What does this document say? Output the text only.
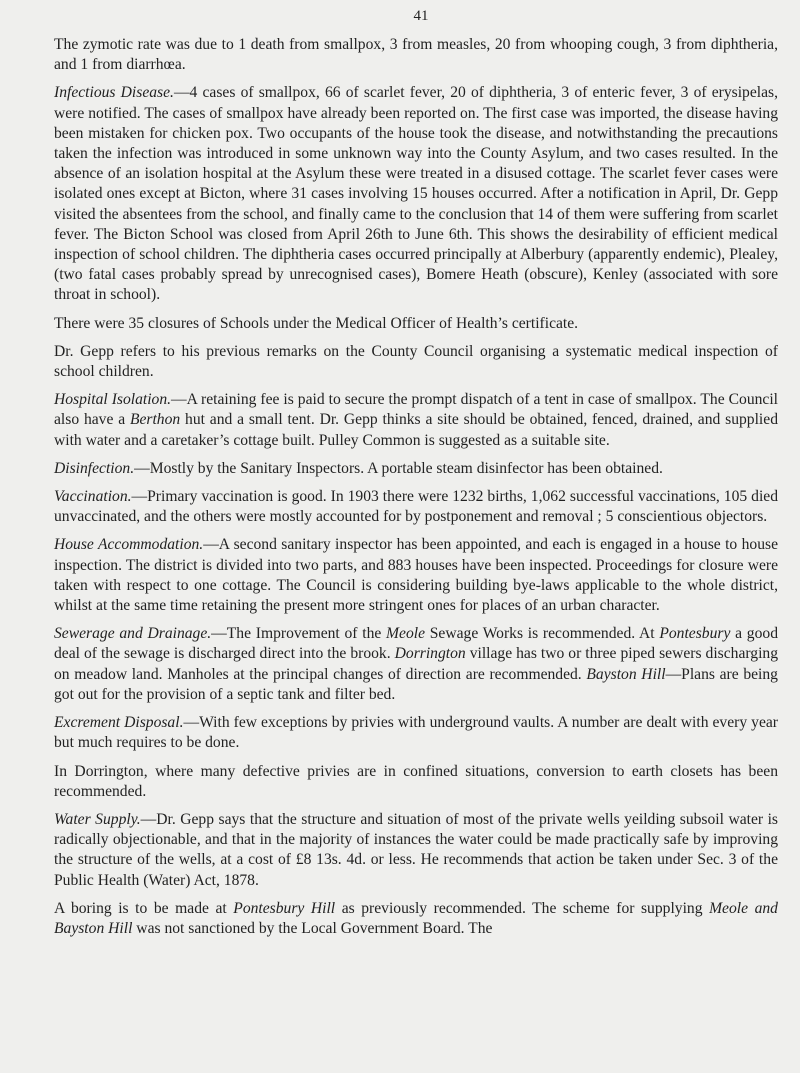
41

The zymotic rate was due to 1 death from smallpox, 3 from measles, 20 from whooping cough, 3 from diphtheria, and 1 from diarrhœa.

Infectious Disease.—4 cases of smallpox, 66 of scarlet fever, 20 of diphtheria, 3 of enteric fever, 3 of erysipelas, were notified. The cases of smallpox have already been reported on. The first case was imported, the disease having been mistaken for chicken pox. Two occupants of the house took the disease, and notwithstanding the precautions taken the infection was introduced in some unknown way into the County Asylum, and two cases resulted. In the absence of an isolation hospital at the Asylum these were treated in a disused cottage. The scarlet fever cases were isolated ones except at Bicton, where 31 cases involving 15 houses occurred. After a notification in April, Dr. Gepp visited the absentees from the school, and finally came to the conclusion that 14 of them were suffering from scarlet fever. The Bicton School was closed from April 26th to June 6th. This shows the desirability of efficient medical inspection of school children. The diphtheria cases occurred principally at Alberbury (apparently endemic), Plealey, (two fatal cases probably spread by unrecognised cases), Bomere Heath (obscure), Kenley (associated with sore throat in school).

There were 35 closures of Schools under the Medical Officer of Health’s certificate.

Dr. Gepp refers to his previous remarks on the County Council organising a systematic medical inspection of school children.

Hospital Isolation.—A retaining fee is paid to secure the prompt dispatch of a tent in case of smallpox. The Council also have a Berthon hut and a small tent. Dr. Gepp thinks a site should be obtained, fenced, drained, and supplied with water and a caretaker’s cottage built. Pulley Common is suggested as a suitable site.

Disinfection.—Mostly by the Sanitary Inspectors. A portable steam disinfector has been obtained.

Vaccination.—Primary vaccination is good. In 1903 there were 1232 births, 1,062 successful vaccinations, 105 died unvaccinated, and the others were mostly accounted for by postponement and removal ; 5 conscientious objectors.

House Accommodation.—A second sanitary inspector has been appointed, and each is engaged in a house to house inspection. The district is divided into two parts, and 883 houses have been inspected. Proceedings for closure were taken with respect to one cottage. The Council is considering building bye-laws applicable to the whole district, whilst at the same time retaining the present more stringent ones for places of an urban character.

Sewerage and Drainage.—The Improvement of the Meole Sewage Works is recommended. At Pontesbury a good deal of the sewage is discharged direct into the brook. Dorrington village has two or three piped sewers discharging on meadow land. Manholes at the principal changes of direction are recommended. Bayston Hill—Plans are being got out for the provision of a septic tank and filter bed.

Excrement Disposal.—With few exceptions by privies with underground vaults. A number are dealt with every year but much requires to be done.

In Dorrington, where many defective privies are in confined situations, conversion to earth closets has been recommended.

Water Supply.—Dr. Gepp says that the structure and situation of most of the private wells yeilding subsoil water is radically objectionable, and that in the majority of instances the water could be made practically safe by improving the structure of the wells, at a cost of £8 13s. 4d. or less. He recommends that action be taken under Sec. 3 of the Public Health (Water) Act, 1878.

A boring is to be made at Pontesbury Hill as previously recommended. The scheme for supplying Meole and Bayston Hill was not sanctioned by the Local Government Board. The
